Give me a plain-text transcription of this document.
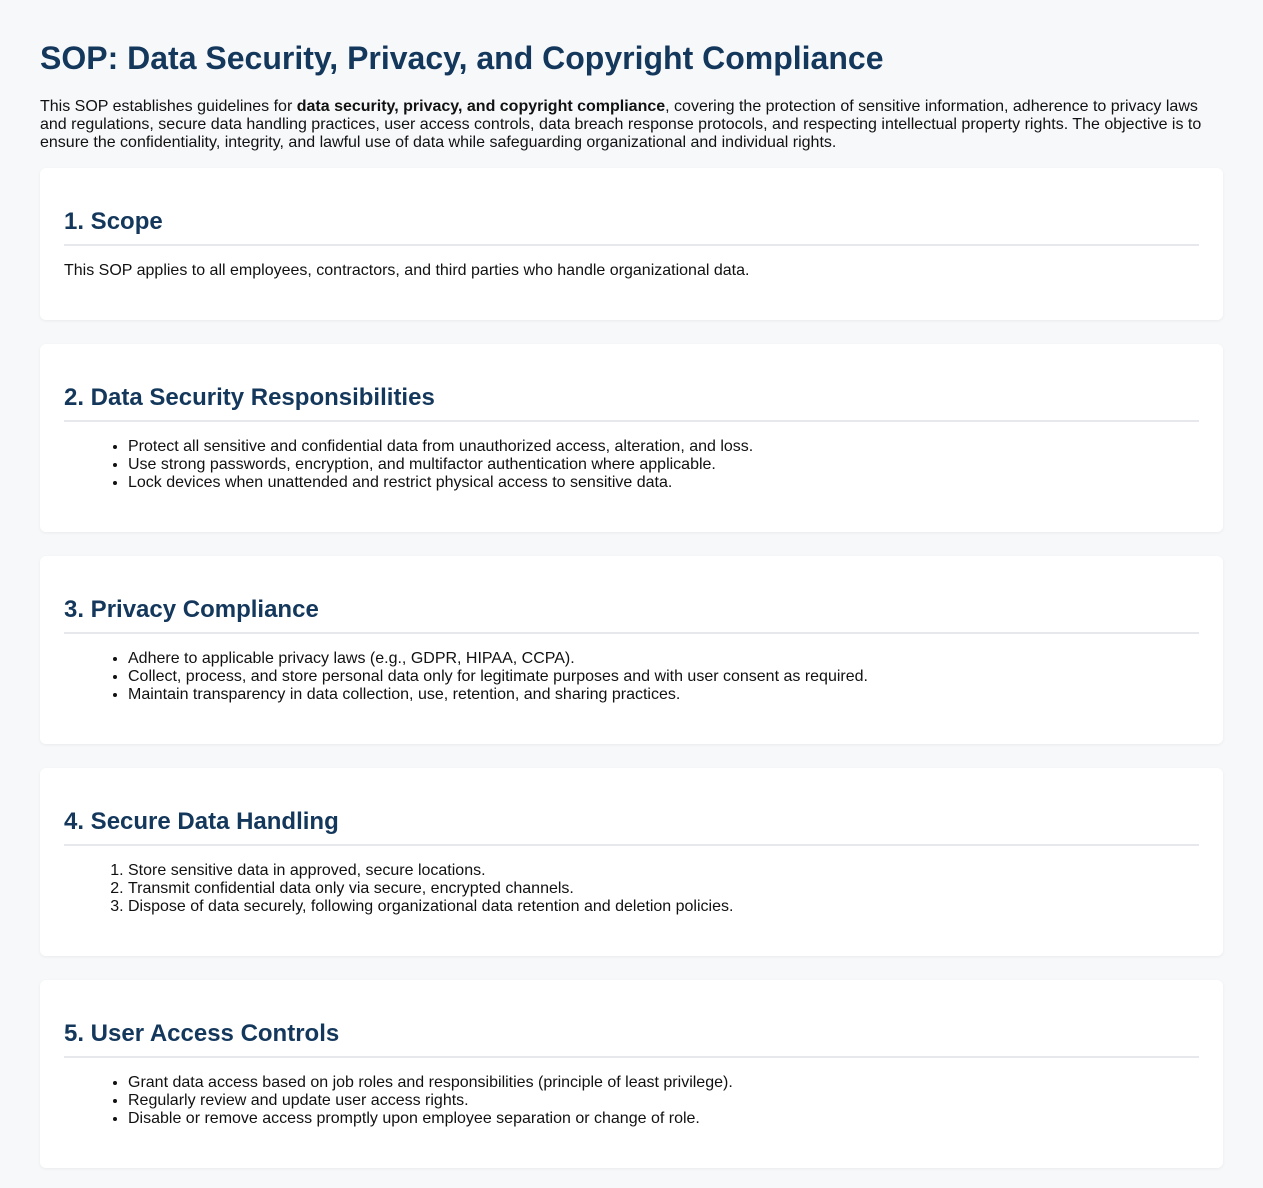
SOP: Data Security, Privacy, and Copyright Compliance

This SOP establishes guidelines for data security, privacy, and copyright compliance, covering the protection of sensitive information, adherence to privacy laws and regulations, secure data handling practices, user access controls, data breach response protocols, and respecting intellectual property rights. The objective is to ensure the confidentiality, integrity, and lawful use of data while safeguarding organizational and individual rights.

1. Scope

This SOP applies to all employees, contractors, and third parties who handle organizational data.

2. Data Security Responsibilities
• Protect all sensitive and confidential data from unauthorized access, alteration, and loss.
• Use strong passwords, encryption, and multifactor authentication where applicable.
• Lock devices when unattended and restrict physical access to sensitive data.
3. Privacy Compliance
• Adhere to applicable privacy laws (e.g., GDPR, HIPAA, CCPA).
• Collect, process, and store personal data only for legitimate purposes and with user consent as required.
• Maintain transparency in data collection, use, retention, and sharing practices.
4. Secure Data Handling
1. Store sensitive data in approved, secure locations.
2. Transmit confidential data only via secure, encrypted channels.
3. Dispose of data securely, following organizational data retention and deletion policies.
5. User Access Controls
• Grant data access based on job roles and responsibilities (principle of least privilege).
• Regularly review and update user access rights.
• Disable or remove access promptly upon employee separation or change of role.
